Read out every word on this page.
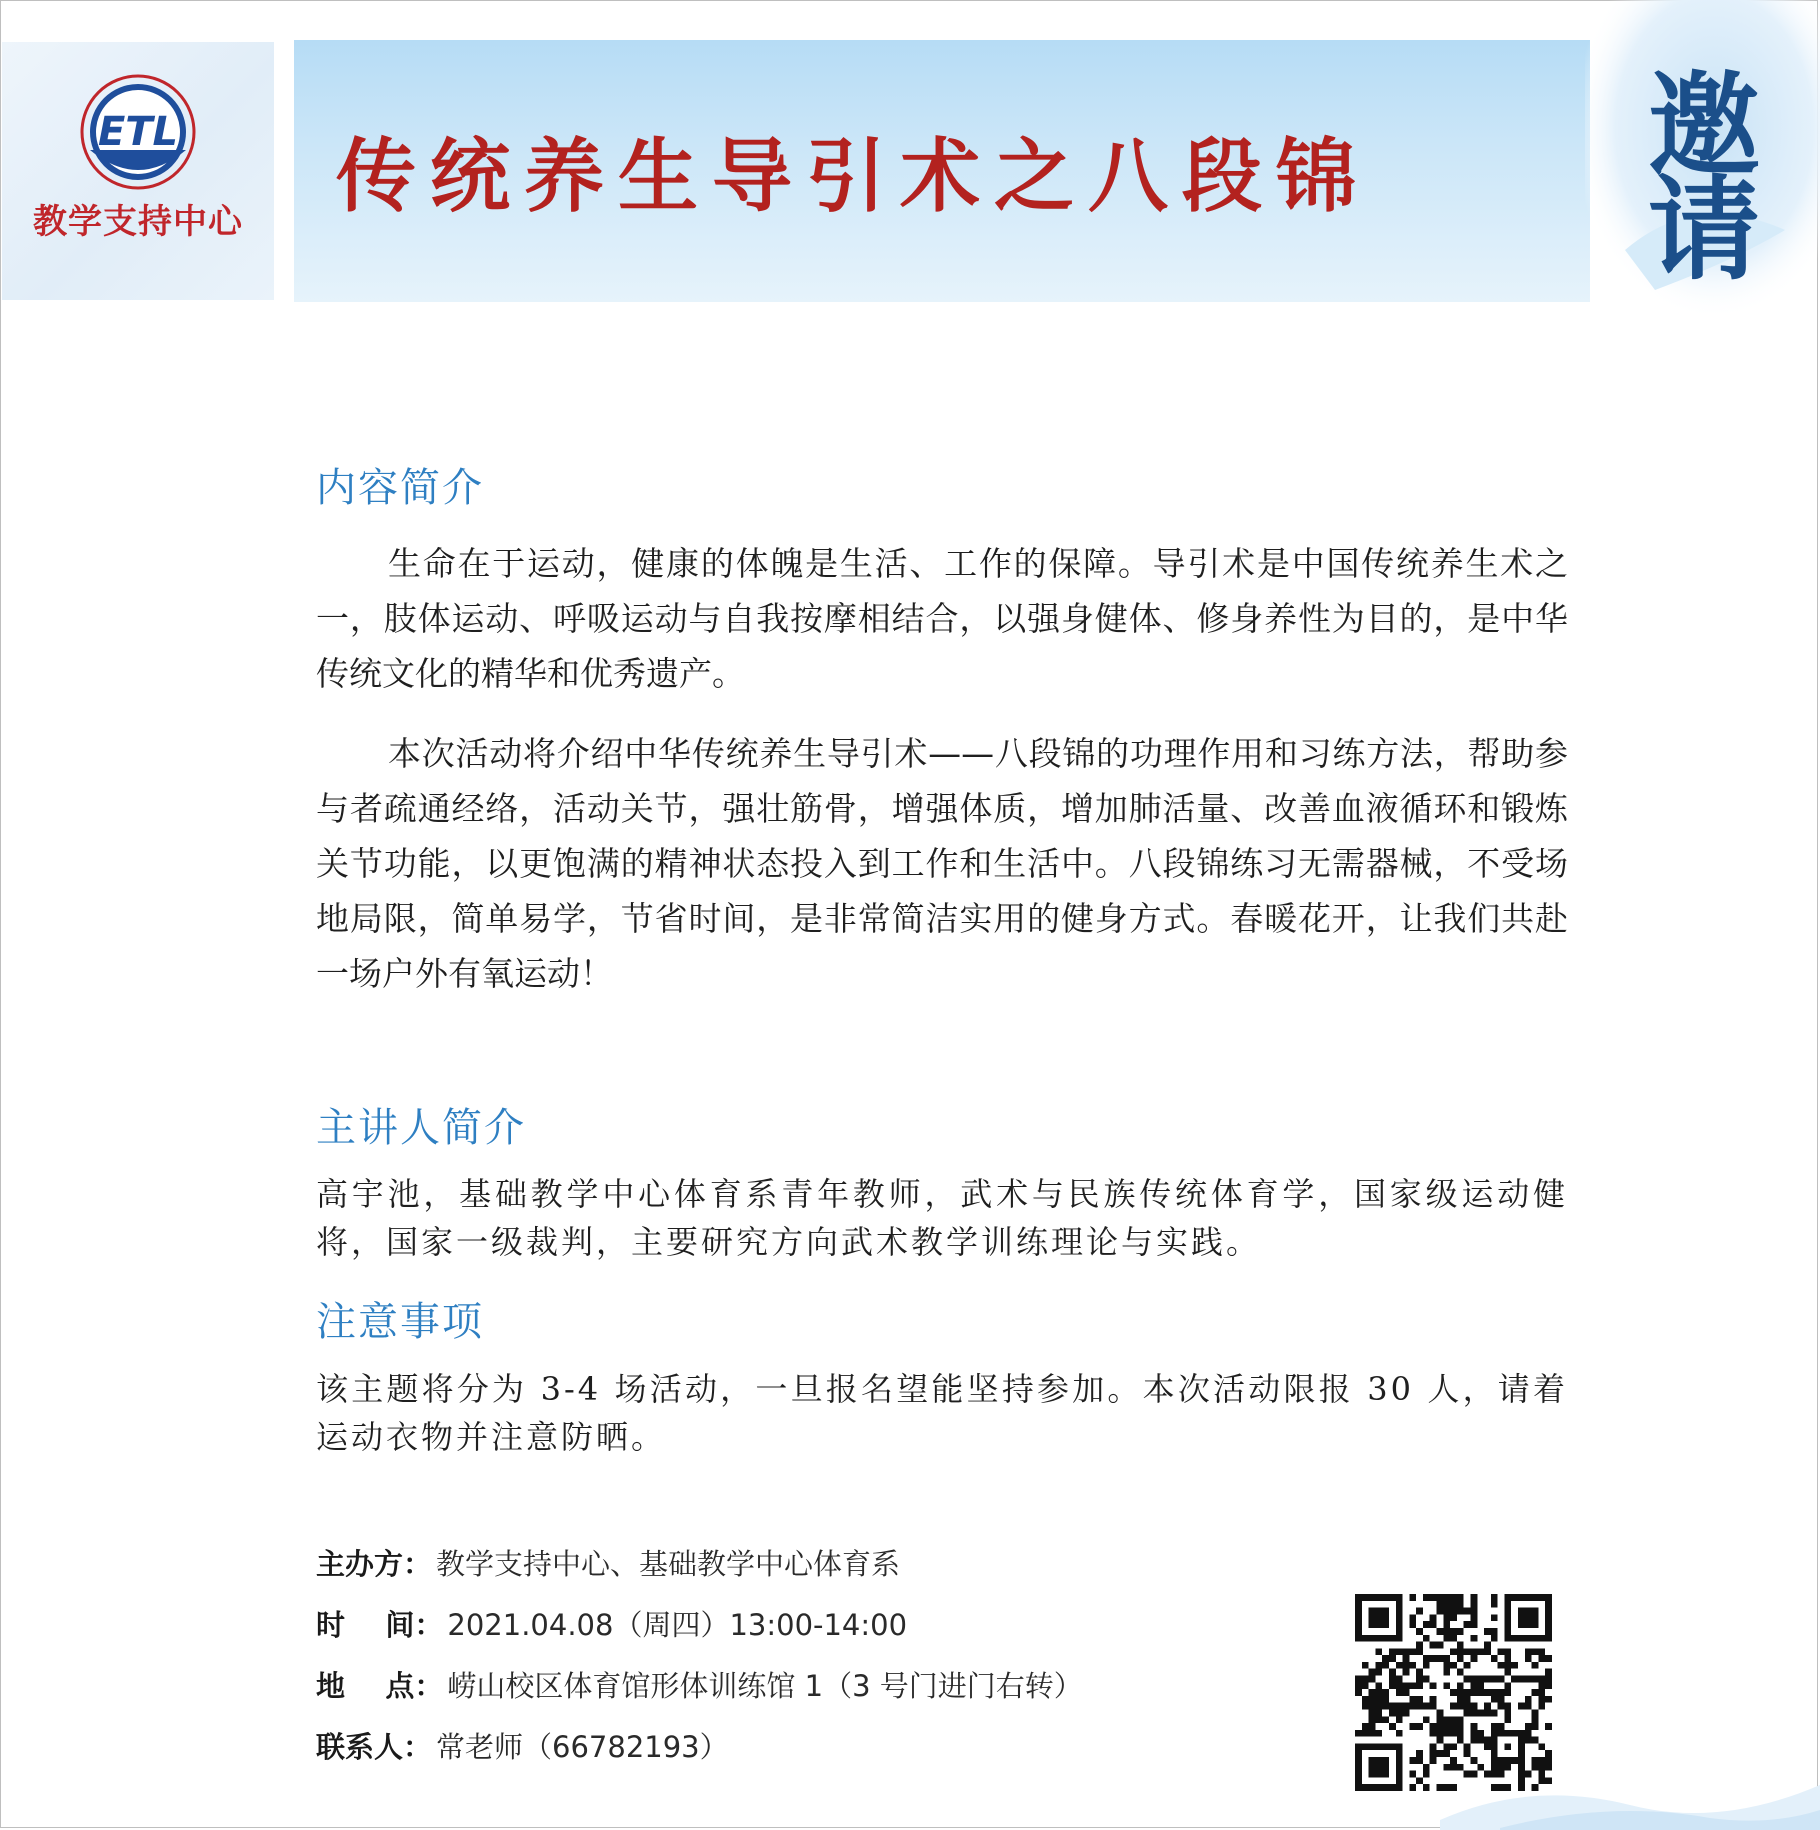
ETL
教学支持中心	传统养生导引术之八段锦 邀请
内容简介

生命在于运动，健康的体魄是生活、工作的保障。导引术是中国传统养生术之一，肢体运动、呼吸运动与自我按摩相结合，以强身健体、修身养性为目的，是中华传统文化的精华和优秀遗产。

本次活动将介绍中华传统养生导引术——八段锦的功理作用和习练方法，帮助参与者疏通经络，活动关节，强壮筋骨，增强体质，增加肺活量、改善血液循环和锻炼关节功能，以更饱满的精神状态投入到工作和生活中。八段锦练习无需器械，不受场地局限，简单易学，节省时间，是非常简洁实用的健身方式。春暖花开，让我们共赴一场户外有氧运动！

主讲人简介

高宇池，基础教学中心体育系青年教师，武术与民族传统体育学，国家级运动健将，国家一级裁判，主要研究方向武术教学训练理论与实践。

注意事项

该主题将分为 3-4 场活动，一旦报名望能坚持参加。本次活动限报 30 人，请着运动衣物并注意防晒。

主办方 ： 教学支持中心、基础教学中心体育系
时    间 ： 2021.04.08（周四）13:00-14:00
地    点 ： 崂山校区体育馆形体训练馆 1（3 号门进门右转）
联系人 ： 常老师（66782193）
